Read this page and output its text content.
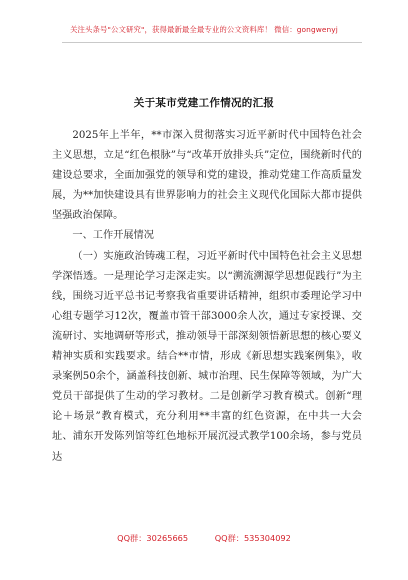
关注头条号"公文研究"，获得最新最全最专业的公文资料库！ 微信：gongwenyj
关于某市党建工作情况的汇报

2025年上半年，**市深入贯彻落实习近平新时代中国特色社会主义思想，立足“红色根脉”与“改革开放排头兵”定位，围绕新时代的建设总要求，全面加强党的领导和党的建设，推动党建工作高质量发展，为**加快建设具有世界影响力的社会主义现代化国际大都市提供坚强政治保障。

一、工作开展情况

（一）实施政治铸魂工程，习近平新时代中国特色社会主义思想学深悟透。一是理论学习走深走实。以“溯流溯源学思想促践行”为主线，围绕习近平总书记考察我省重要讲话精神，组织市委理论学习中心组专题学习12次，覆盖市管干部3000余人次，通过专家授课、交流研讨、实地调研等形式，推动领导干部深刻领悟新思想的核心要义精神实质和实践要求。结合**市情，形成《新思想实践案例集》，收录案例50余个，涵盖科技创新、城市治理、民生保障等领域，为广大党员干部提供了生动的学习教材。二是创新学习教育模式。创新“理论＋场景”教育模式，充分利用**丰富的红色资源，在中共一大会址、浦东开发陈列馆等红色地标开展沉浸式教学100余场，参与党员达

QQ群：30265665	QQ群：535304092
